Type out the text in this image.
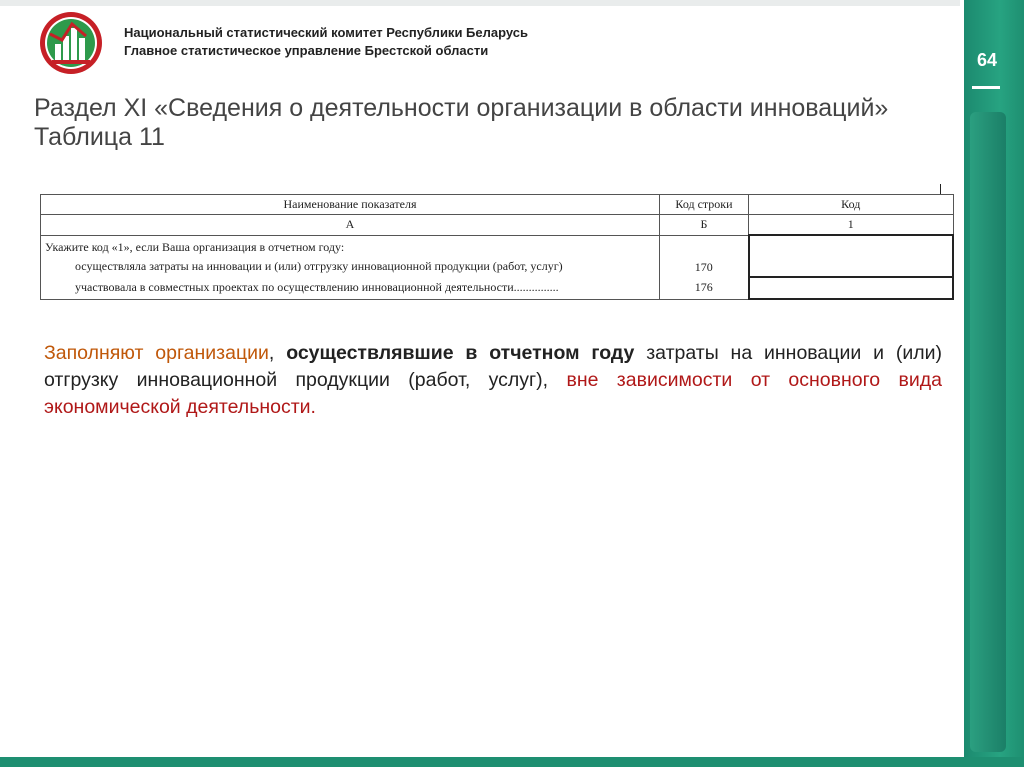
Национальный статистический комитет Республики Беларусь
Главное статистическое управление Брестской области	64
Раздел XI «Сведения о деятельности организации в области инноваций»
Таблица 11
Наименование показателя	Код строки	Код
А	Б	1

Укажите код «1», если Ваша организация в отчетном году:
осуществляла затраты на инновации и (или) отгрузку инновационной продукции (работ, услуг)	170	
участвовала в совместных проектах по осуществлению инновационной деятельности...............	176	
Заполняют организации, осуществлявшие в отчетном году затраты на инновации и (или) отгрузку инновационной продукции (работ, услуг), вне зависимости от основного вида экономической деятельности.
